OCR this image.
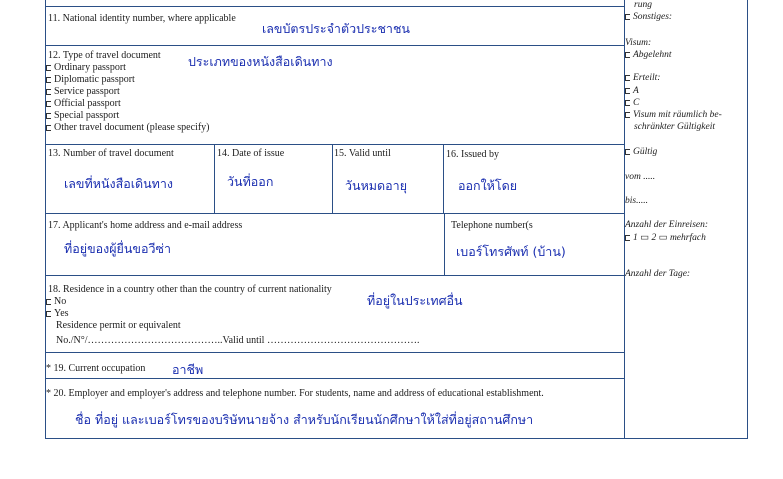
11. National identity number, where applicable
เลขบัตรประจำตัวประชาชน
12. Type of travel document
Ordinary passport
Diplomatic passport
Service passport
Official passport
Special passport
Other travel document (please specify)
ประเภทของหนังสือเดินทาง
13. Number of travel document
เลขที่หนังสือเดินทาง
14. Date of issue
วันที่ออก
15. Valid until
วันหมดอายุ
16. Issued by
ออกให้โดย
17. Applicant's home address and e-mail address
ที่อยู่ของผู้ยื่นขอวีซ่า
Telephone number(s
เบอร์โทรศัพท์ (บ้าน)
18. Residence in a country other than the country of current nationality
No
Yes
Residence permit or equivalent
No./N°/…………………………………..Valid until ……………………………………….
ที่อยู่ในประเทศอื่น
* 19. Current occupation อาชีพ
* 20. Employer and employer's address and telephone number. For students, name and address of educational establishment.
ชื่อ ที่อยู่ และเบอร์โทรของบริษัทนายจ้าง สำหรับนักเรียนนักศึกษาให้ใส่ที่อยู่สถานศึกษา
rung
Sonstiges:
Visum:
Abgelehnt
Erteilt:
A
C
Visum mit räumlich be-
schränkter Gültigkeit
Gültig
vom .....
bis.....
Anzahl der Einreisen:
1 ▭ 2 ▭ mehrfach
Anzahl der Tage:
